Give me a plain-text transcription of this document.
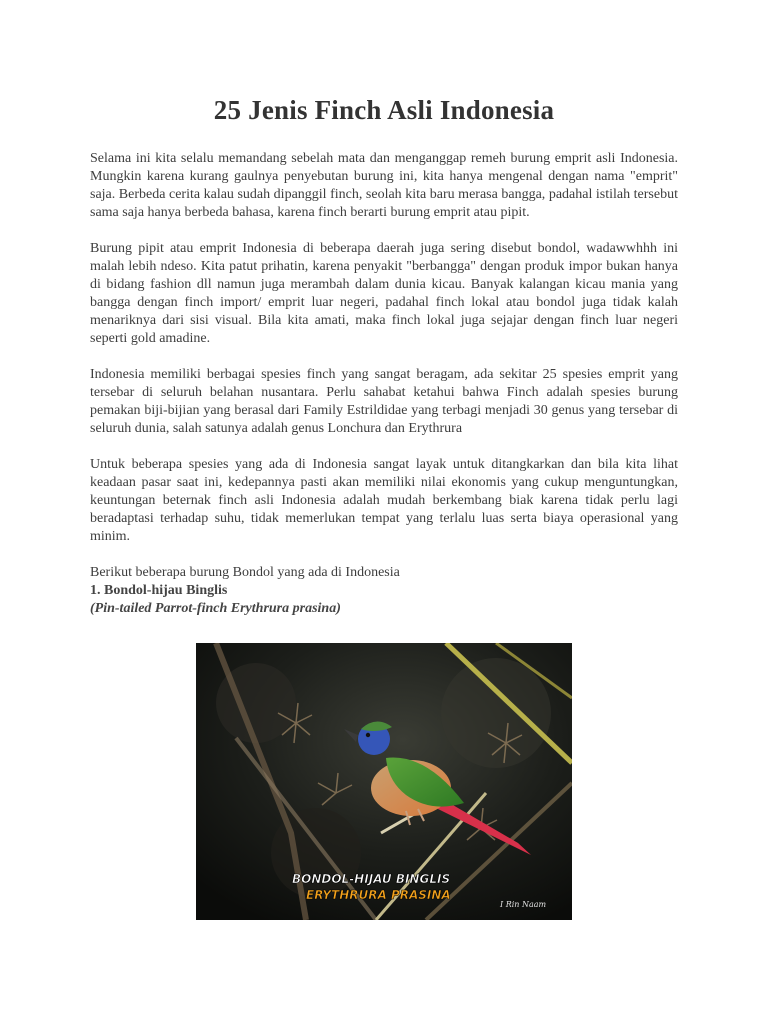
25 Jenis Finch Asli Indonesia

Selama ini kita selalu memandang sebelah mata dan menganggap remeh burung emprit asli Indonesia. Mungkin karena kurang gaulnya penyebutan burung ini, kita hanya mengenal dengan nama "emprit" saja. Berbeda cerita kalau sudah dipanggil finch, seolah kita baru merasa bangga, padahal istilah tersebut sama saja hanya berbeda bahasa, karena finch berarti burung emprit atau pipit.

Burung pipit atau emprit Indonesia di beberapa daerah juga sering disebut bondol, wadawwhhh ini malah lebih ndeso. Kita patut prihatin, karena penyakit "berbangga" dengan produk impor bukan hanya di bidang fashion dll namun juga merambah dalam dunia kicau. Banyak kalangan kicau mania yang bangga dengan finch import/ emprit luar negeri, padahal finch lokal atau bondol juga tidak kalah menariknya dari sisi visual. Bila kita amati, maka finch lokal juga sejajar dengan finch luar negeri seperti gold amadine.

Indonesia memiliki berbagai spesies finch yang sangat beragam, ada sekitar 25 spesies emprit yang tersebar di seluruh belahan nusantara. Perlu sahabat ketahui bahwa Finch adalah spesies burung pemakan biji-bijian yang berasal dari Family Estrildidae yang terbagi menjadi 30 genus yang tersebar di seluruh dunia, salah satunya adalah genus Lonchura dan Erythrura

Untuk beberapa spesies yang ada di Indonesia sangat layak untuk ditangkarkan dan bila kita lihat keadaan pasar saat ini, kedepannya pasti akan memiliki nilai ekonomis yang cukup menguntungkan, keuntungan beternak finch asli Indonesia adalah mudah berkembang biak karena tidak perlu lagi beradaptasi terhadap suhu, tidak memerlukan tempat yang terlalu luas serta biaya operasional yang minim.

Berikut beberapa burung Bondol yang ada di Indonesia

1. Bondol-hijau Binglis
(Pin-tailed Parrot-finch Erythrura prasina)
BONDOL-HIJAU BINGLIS
ERYTHRURA PRASINA
I Rin Naam
